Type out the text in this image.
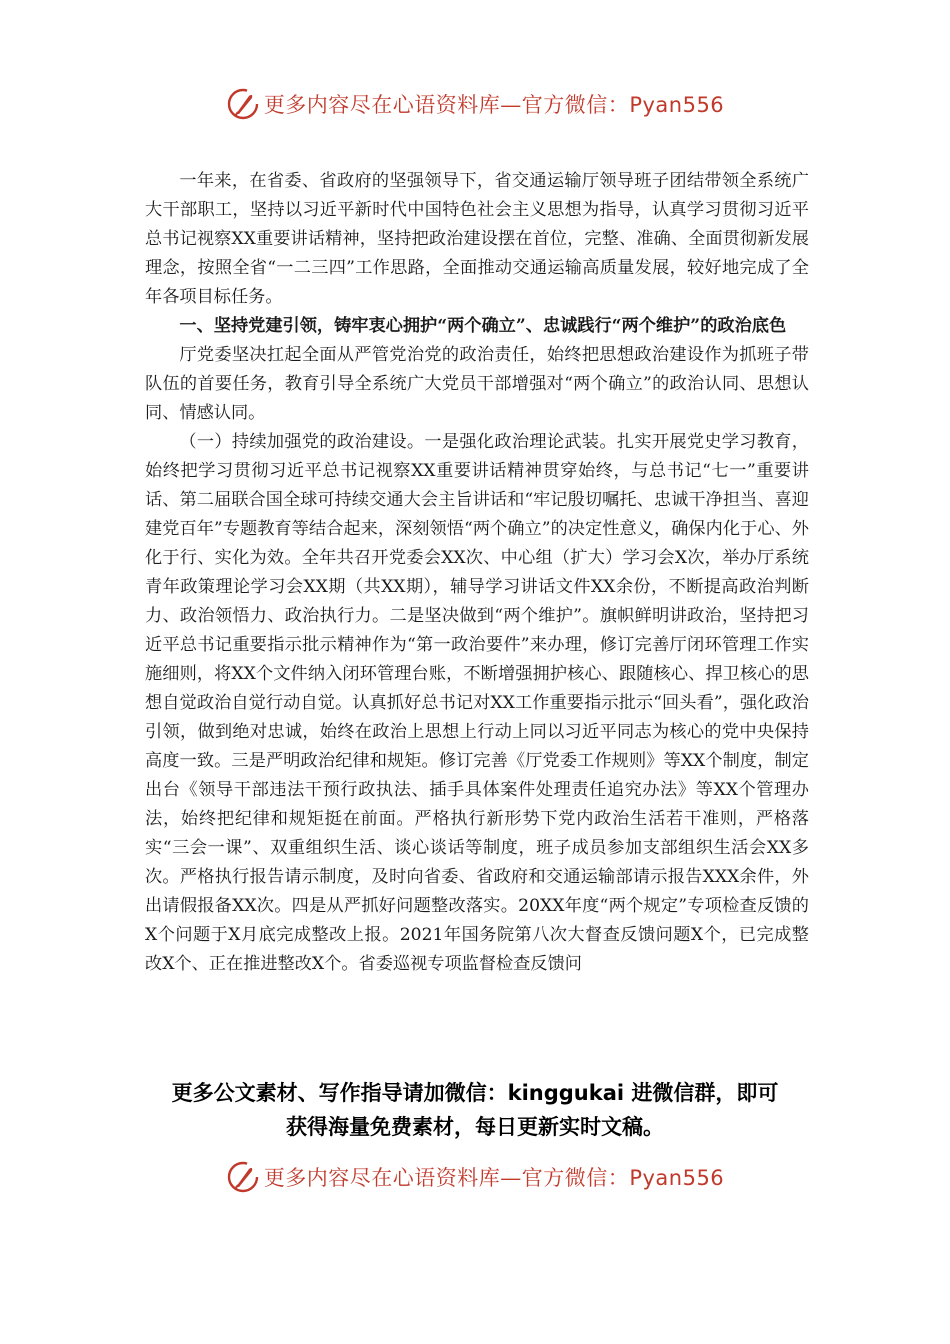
更多内容尽在心语资料库—官方微信：Pyan556

一年来，在省委、省政府的坚强领导下，省交通运输厅领导班子团结带领全系统广大干部职工，坚持以习近平新时代中国特色社会主义思想为指导，认真学习贯彻习近平总书记视察XX重要讲话精神，坚持把政治建设摆在首位，完整、准确、全面贯彻新发展理念，按照全省“一二三四”工作思路，全面推动交通运输高质量发展，较好地完成了全年各项目标任务。

一、坚持党建引领，铸牢衷心拥护“两个确立”、忠诚践行“两个维护”的政治底色

厅党委坚决扛起全面从严管党治党的政治责任，始终把思想政治建设作为抓班子带队伍的首要任务，教育引导全系统广大党员干部增强对“两个确立”的政治认同、思想认同、情感认同。

（一）持续加强党的政治建设。一是强化政治理论武装。扎实开展党史学习教育，始终把学习贯彻习近平总书记视察XX重要讲话精神贯穿始终，与总书记“七一”重要讲话、第二届联合国全球可持续交通大会主旨讲话和“牢记殷切嘱托、忠诚干净担当、喜迎建党百年”专题教育等结合起来，深刻领悟“两个确立”的决定性意义，确保内化于心、外化于行、实化为效。全年共召开党委会XX次、中心组（扩大）学习会X次，举办厅系统青年政策理论学习会XX期（共XX期），辅导学习讲话文件XX余份，不断提高政治判断力、政治领悟力、政治执行力。二是坚决做到“两个维护”。旗帜鲜明讲政治，坚持把习近平总书记重要指示批示精神作为“第一政治要件”来办理，修订完善厅闭环管理工作实施细则，将XX个文件纳入闭环管理台账，不断增强拥护核心、跟随核心、捍卫核心的思想自觉政治自觉行动自觉。认真抓好总书记对XX工作重要指示批示“回头看”，强化政治引领，做到绝对忠诚，始终在政治上思想上行动上同以习近平同志为核心的党中央保持高度一致。三是严明政治纪律和规矩。修订完善《厅党委工作规则》等XX个制度，制定出台《领导干部违法干预行政执法、插手具体案件处理责任追究办法》等XX个管理办法，始终把纪律和规矩挺在前面。严格执行新形势下党内政治生活若干准则，严格落实“三会一课”、双重组织生活、谈心谈话等制度，班子成员参加支部组织生活会XX多次。严格执行报告请示制度，及时向省委、省政府和交通运输部请示报告XXX余件，外出请假报备XX次。四是从严抓好问题整改落实。20XX年度“两个规定”专项检查反馈的X个问题于X月底完成整改上报。2021年国务院第八次大督查反馈问题X个，已完成整改X个、正在推进整改X个。省委巡视专项监督检查反馈问

更多公文素材、写作指导请加微信：kinggukai 进微信群，即可
获得海量免费素材，每日更新实时文稿。
更多内容尽在心语资料库—官方微信：Pyan556
